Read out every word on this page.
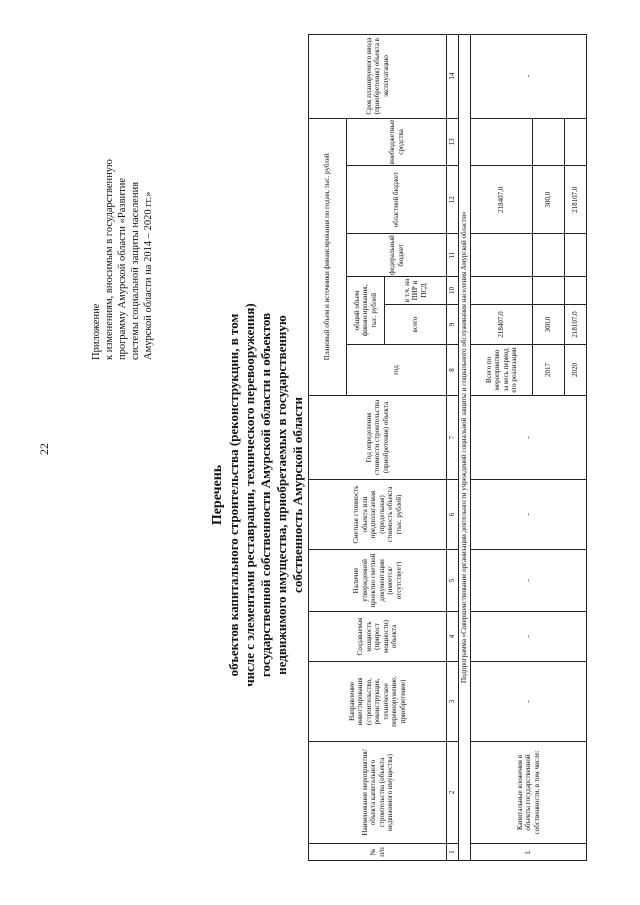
22
Приложение к изменениям, вносимым в государственную программу Амурской области «Развитие системы социальной защиты населения Амурской области на 2014 – 2020 гг.»
Перечень объектов капитального строительства (реконструкции, в том числе с элементами реставрации, технического перевооружения) государственной собственности Амурской области и объектов недвижимого имущества, приобретаемых в государственную собственность Амурской области
№ п/п	Наименование мероприятия/объекта капитального строительства (объекта недвижимого имущества)	Направление инвестирования (строительство, реконструкция, техническое перевооружение, приобретение)	Создаваемая мощность (прирост мощности) объекта	Наличие утвержденной проектно сметной документации (имеется/ отсутствует)	Сметная стоимость объекта или предполагаемая (предельная) стоимость объекта (тыс. рублей)	Год определения стоимости строительства (приобретения) объекта	Плановый объем и источники финансирования по годам, тыс. рублей						Срок планируемого ввода (приобретения) объекта в эксплуатацию
							год	общий объем финансирования, тыс. рублей		федеральный бюджет	областной бюджет	внебюджетные средства	
								всего	в т.ч. на ПИР и ПСД				
1	2	3	4	5	6	7	8	9	10	11	12	13	14
Подпрограмма «Совершенствование организации деятельности учреждений социальной защиты и социального обслуживания населения Амурской области»													
1.	Капитальные вложения в объекты государственной собственности, в том числе:	-	-	-	-	-	Всего по мероприятию за весь период его реализации	218407,0			218407,0		-
							2017	300,0			300,0		
							2020	218107,0			218107,0		
